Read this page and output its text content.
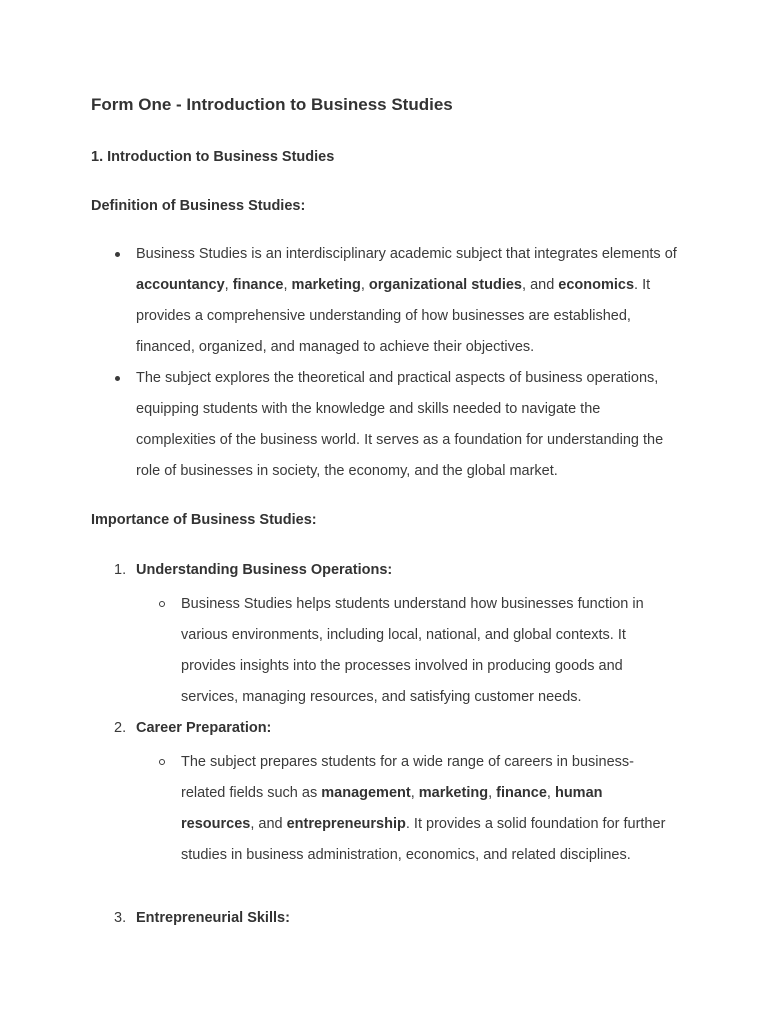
Form One - Introduction to Business Studies
1. Introduction to Business Studies
Definition of Business Studies:
Business Studies is an interdisciplinary academic subject that integrates elements of accountancy, finance, marketing, organizational studies, and economics. It provides a comprehensive understanding of how businesses are established, financed, organized, and managed to achieve their objectives.
The subject explores the theoretical and practical aspects of business operations, equipping students with the knowledge and skills needed to navigate the complexities of the business world. It serves as a foundation for understanding the role of businesses in society, the economy, and the global market.
Importance of Business Studies:
1. Understanding Business Operations:

Business Studies helps students understand how businesses function in various environments, including local, national, and global contexts. It provides insights into the processes involved in producing goods and services, managing resources, and satisfying customer needs.

2. Career Preparation:

The subject prepares students for a wide range of careers in business-related fields such as management, marketing, finance, human resources, and entrepreneurship. It provides a solid foundation for further studies in business administration, economics, and related disciplines.

3. Entrepreneurial Skills:
